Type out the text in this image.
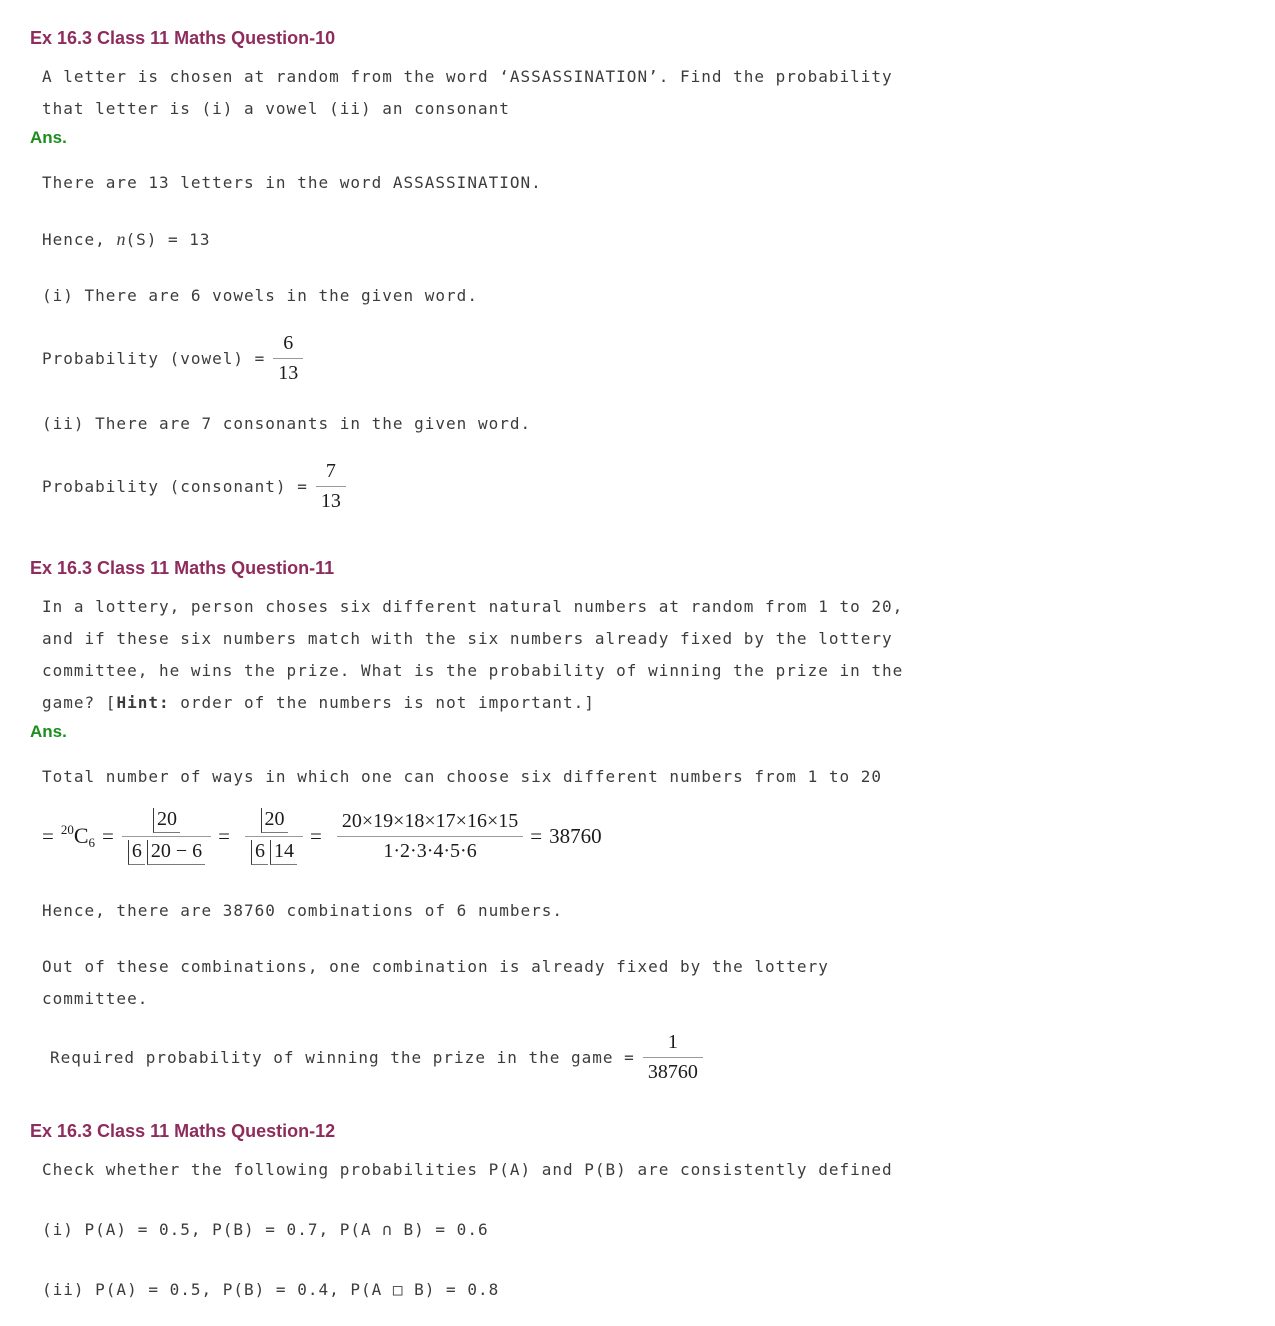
Ex 16.3 Class 11 Maths Question-10
A letter is chosen at random from the word ‘ASSASSINATION’. Find the probability
that letter is (i) a vowel (ii) an consonant
Ans.
There are 13 letters in the word ASSASSINATION.
Hence, n(S) = 13
(i) There are 6 vowels in the given word.
Probability (vowel) = $\frac{6}{13}$
(ii) There are 7 consonants in the given word.
Probability (consonant) = $\frac{7}{13}$
Ex 16.3 Class 11 Maths Question-11
In a lottery, person choses six different natural numbers at random from 1 to 20,
and if these six numbers match with the six numbers already fixed by the lottery
committee, he wins the prize. What is the probability of winning the prize in the
game? [Hint: order of the numbers is not important.]
Ans.
Total number of ways in which one can choose six different numbers from 1 to 20
= $^{20}C_6 = \frac{20}{6 20 - 6} = \frac{20}{6 14} = \frac{20\times 19\times 18\times 17\times 16\times 15}{1\cdot 2\cdot 3\cdot 4\cdot 5\cdot 6} = 38760$
Hence, there are 38760 combinations of 6 numbers.
Out of these combinations, one combination is already fixed by the lottery
committee.
Required probability of winning the prize in the game = $\frac{1}{38760}$
Ex 16.3 Class 11 Maths Question-12
Check whether the following probabilities P(A) and P(B) are consistently defined
(i) P(A) = 0.5, P(B) = 0.7, P(A ∩ B) = 0.6
(ii) P(A) = 0.5, P(B) = 0.4, P(A □ B) = 0.8
